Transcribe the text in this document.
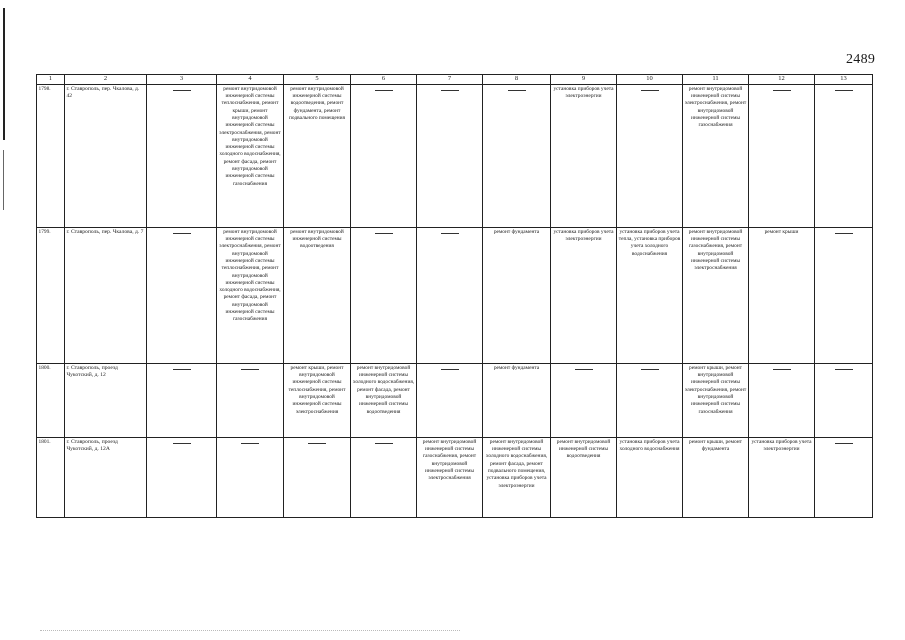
2489
1	2	3	4	5	6	7	8	9	10	11	12	13
1798.	г. Ставрополь, пер. Чкалова, д. 42		ремонт внутридомовой инженерной системы теплоснабжения, ремонт крыши, ремонт внутридомовой инженерной системы электроснабжения, ремонт внутридомовой инженерной системы холодного водоснабжения, ремонт фасада, ремонт внутридомовой инженерной системы газоснабжения	ремонт внутридомовой инженерной системы водоотведения, ремонт фундамента, ремонт подвального помещения				установка приборов учета электроэнергии		ремонт внутридомовой инженерной системы электроснабжения, ремонт внутридомовой инженерной системы газоснабжения		
1799.	г. Ставрополь, пер. Чкалова, д. 7		ремонт внутридомовой инженерной системы электроснабжения, ремонт внутридомовой инженерной системы теплоснабжения, ремонт внутридомовой инженерной системы холодного водоснабжения, ремонт фасада, ремонт внутридомовой инженерной системы газоснабжения	ремонт внутридомовой инженерной системы водоотведения			ремонт фундамента	установка приборов учета электроэнергии	установка приборов учета тепла, установка приборов учета холодного водоснабжения	ремонт внутридомовой инженерной системы газоснабжения, ремонт внутридомовой инженерной системы электроснабжения	ремонт крыши	
1800.	г. Ставрополь, проезд Чукотский, д. 12			ремонт крыши, ремонт внутридомовой инженерной системы теплоснабжения, ремонт внутридомовой инженерной системы электроснабжения	ремонт внутридомовой инженерной системы холодного водоснабжения, ремонт фасада, ремонт внутридомовой инженерной системы водоотведения		ремонт фундамента			ремонт крыши, ремонт внутридомовой инженерной системы электроснабжения, ремонт внутридомовой инженерной системы газоснабжения		
1801.	г. Ставрополь, проезд Чукотский, д. 12А					ремонт внутридомовой инженерной системы газоснабжения, ремонт внутридомовой инженерной системы электроснабжения	ремонт внутридомовой инженерной системы холодного водоснабжения, ремонт фасада, ремонт подвального помещения, установка приборов учета электроэнергии	ремонт внутридомовой инженерной системы водоотведения	установка приборов учета холодного водоснабжения	ремонт крыши, ремонт фундамента	установка приборов учета электроэнергии	
